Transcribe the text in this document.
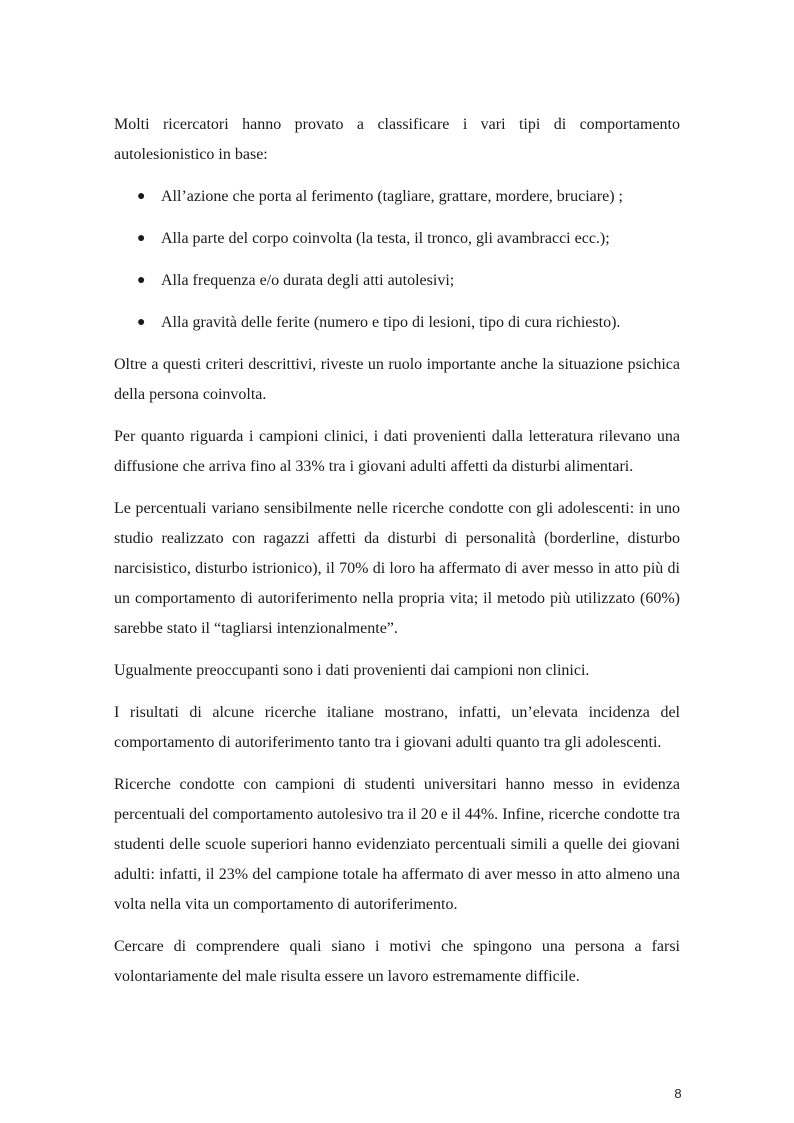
Molti ricercatori hanno provato a classificare i vari tipi di comportamento autolesionistico in base:

● All’azione che porta al ferimento (tagliare, grattare, mordere, bruciare) ;
● Alla parte del corpo coinvolta (la testa, il tronco, gli avambracci ecc.);
● Alla frequenza e/o durata degli atti autolesivi;
● Alla gravità delle ferite (numero e tipo di lesioni, tipo di cura richiesto).

Oltre a questi criteri descrittivi, riveste un ruolo importante anche la situazione psichica della persona coinvolta.

Per quanto riguarda i campioni clinici, i dati provenienti dalla letteratura rilevano una diffusione che arriva fino al 33% tra i giovani adulti affetti da disturbi alimentari.

Le percentuali variano sensibilmente nelle ricerche condotte con gli adolescenti: in uno studio realizzato con ragazzi affetti da disturbi di personalità (borderline, disturbo narcisistico, disturbo istrionico), il 70% di loro ha affermato di aver messo in atto più di un comportamento di autoriferimento nella propria vita; il metodo più utilizzato (60%) sarebbe stato il “tagliarsi intenzionalmente”.

Ugualmente preoccupanti sono i dati provenienti dai campioni non clinici.

I risultati di alcune ricerche italiane mostrano, infatti, un’elevata incidenza del comportamento di autoriferimento tanto tra i giovani adulti quanto tra gli adolescenti.

Ricerche condotte con campioni di studenti universitari hanno messo in evidenza percentuali del comportamento autolesivo tra il 20 e il 44%. Infine, ricerche condotte tra studenti delle scuole superiori hanno evidenziato percentuali simili a quelle dei giovani adulti: infatti, il 23% del campione totale ha affermato di aver messo in atto almeno una volta nella vita un comportamento di autoriferimento.

Cercare di comprendere quali siano i motivi che spingono una persona a farsi volontariamente del male risulta essere un lavoro estremamente difficile.

8
